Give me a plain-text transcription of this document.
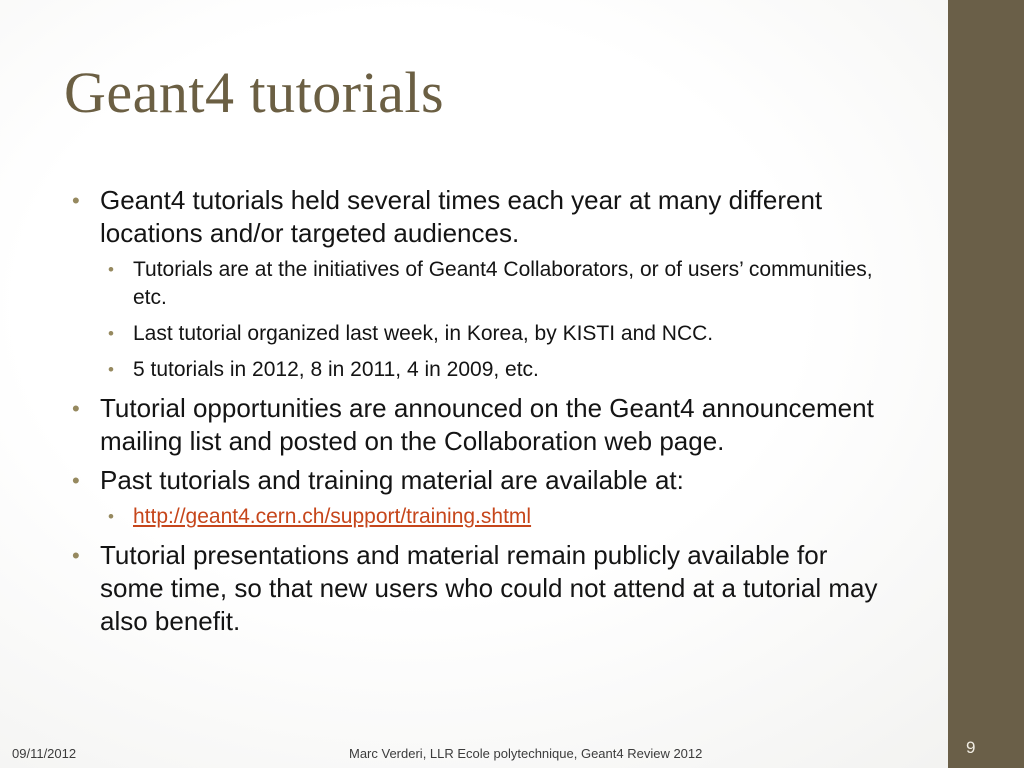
Geant4 tutorials
• Geant4 tutorials held several times each year at many different locations and/or targeted audiences.
• Tutorials are at the initiatives of Geant4 Collaborators, or of users’ communities, etc.
• Last tutorial organized last week, in Korea, by KISTI and NCC.
• 5 tutorials in 2012, 8 in 2011, 4 in 2009, etc.
• Tutorial opportunities are announced on the Geant4 announcement mailing list and posted on the Collaboration web page.
• Past tutorials and training material are available at:
• http://geant4.cern.ch/support/training.shtml
• Tutorial presentations and material remain publicly available for some time, so that new users who could not attend at a tutorial may also benefit.
09/11/2012	Marc Verderi, LLR Ecole polytechnique, Geant4 Review 2012	9
